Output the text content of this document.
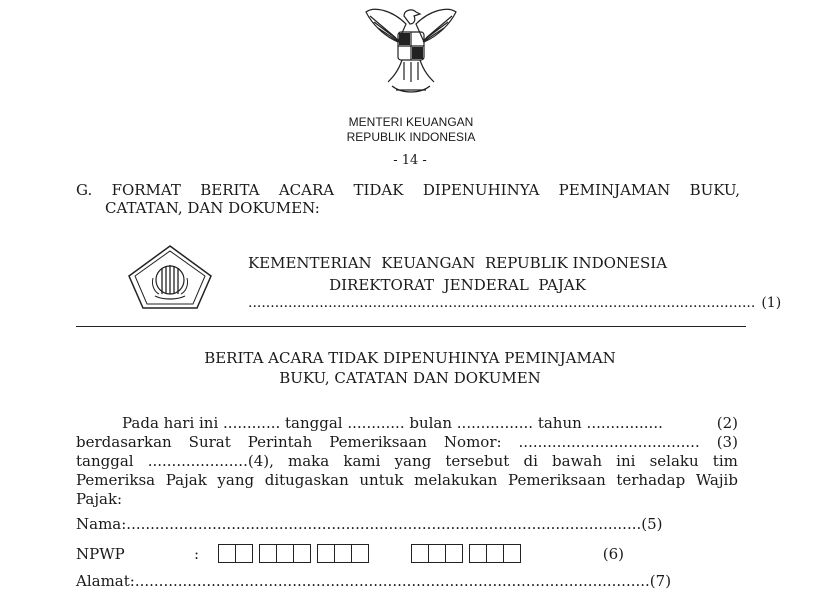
MENTERI KEUANGAN
REPUBLIK INDONESIA
- 14 -
G. FORMAT BERITA ACARA TIDAK DIPENUHINYA PEMINJAMAN BUKU,
CATATAN, DAN DOKUMEN:
KEMENTERIAN  KEUANGAN  REPUBLIK INDONESIA
DIREKTORAT  JENDERAL  PAJAK
.................................................................................................................. (1)
BERITA ACARA TIDAK DIPENUHINYA PEMINJAMAN
BUKU, CATATAN DAN DOKUMEN
Pada hari ini ............ tanggal ............ bulan ................ tahun ................	(2)
berdasarkan Surat Perintah Pemeriksaan Nomor: ...................................... (3)
tanggal .....................(4), maka kami yang tersebut di bawah ini selaku tim
Pemeriksa Pajak yang ditugaskan untuk melakukan Pemeriksaan terhadap Wajib
Pajak:
Nama : ............................................................................................................ (5)
NPWP	:	(6)
Alamat : ............................................................................................................ (7)
